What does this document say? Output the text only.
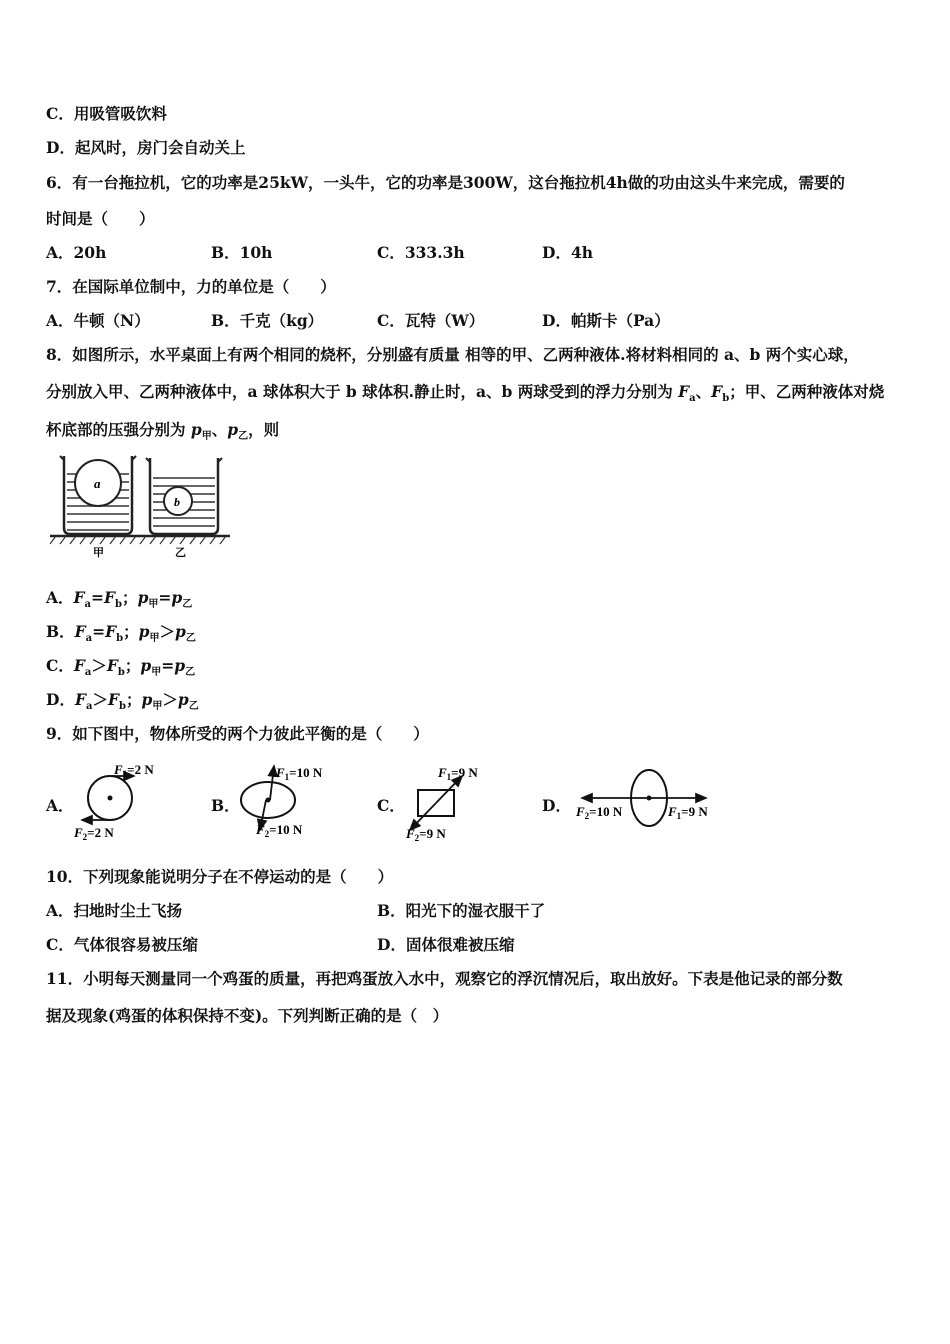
C．用吸管吸饮料
D．起风时，房门会自动关上
6．有一台拖拉机，它的功率是25kW，一头牛，它的功率是300W，这台拖拉机4h做的功由这头牛来完成，需要的
时间是（　　）
A．20h	B．10h	C．333.3h	D．4h
7．在国际单位制中，力的单位是（　　）
A．牛顿（N）	B．千克（kg）	C．瓦特（W）	D．帕斯卡（Pa）
8．如图所示，水平桌面上有两个相同的烧杯，分别盛有质量 相等的甲、乙两种液体.将材料相同的 a、b 两个实心球，
分别放入甲、乙两种液体中，a 球体积大于 b 球体积.静止时，a、b 两球受到的浮力分别为 $F_a$、$F_b$；甲、乙两种液体对烧
杯底部的压强分别为 $p_甲$、$p_乙$，则
a
b
甲	乙
A．$F_a=F_b$；$p_甲=p_乙$
B．$F_a=F_b$；$p_甲>p_乙$
C．$F_a>F_b$；$p_甲=p_乙$
D．$F_a>F_b$；$p_甲>p_乙$
9．如下图中，物体所受的两个力彼此平衡的是（　　）
A．
$F_1=2$ N
$F_2=2$ N
B．
$F_1=10$ N
$F_2=10$ N
C．
$F_1=9$ N
$F_2=9$ N
D．	$F_1=9$ N
$F_2=10$ N
10．下列现象能说明分子在不停运动的是（　　）
A．扫地时尘土飞扬	B．阳光下的湿衣服干了
C．气体很容易被压缩	D．固体很难被压缩
11．小明每天测量同一个鸡蛋的质量，再把鸡蛋放入水中，观察它的浮沉情况后，取出放好。下表是他记录的部分数
据及现象(鸡蛋的体积保持不变)。下列判断正确的是（　）
